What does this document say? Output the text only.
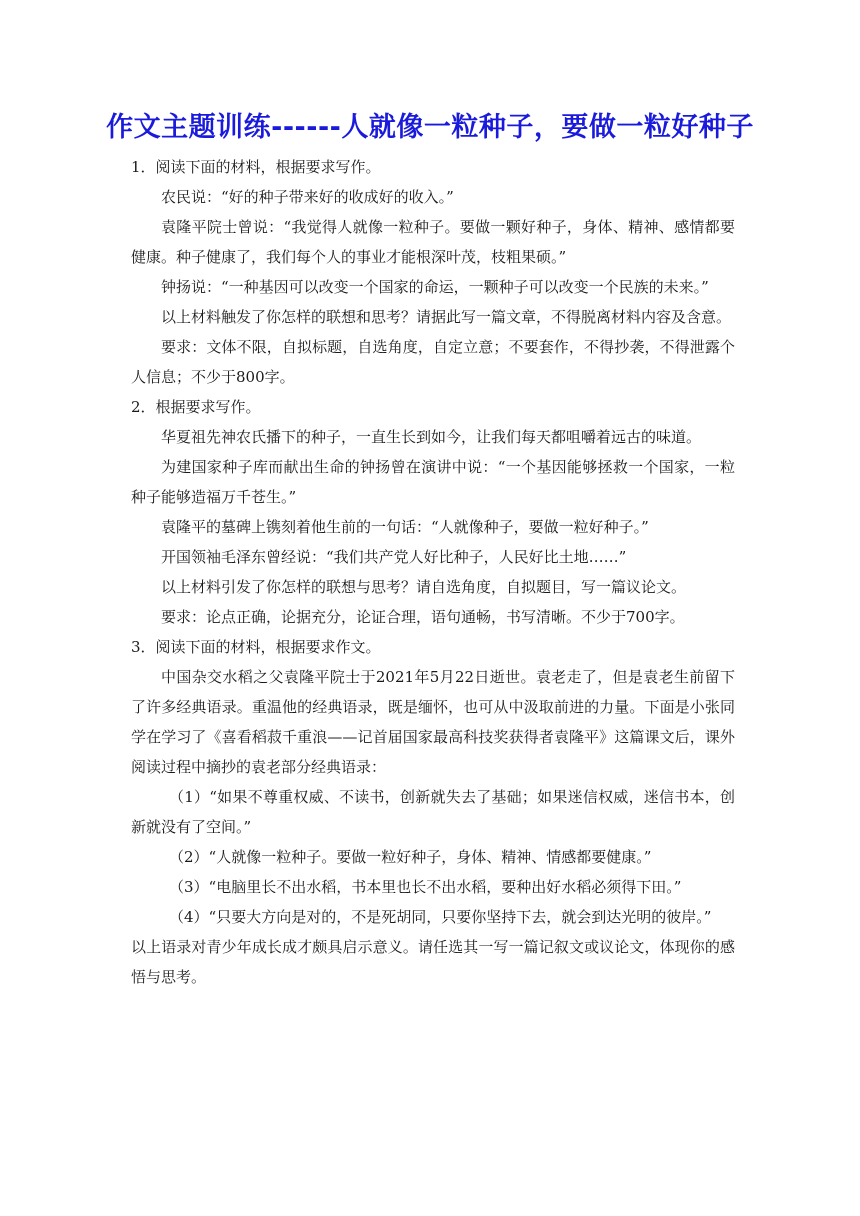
作文主题训练------人就像一粒种子，要做一粒好种子

1．阅读下面的材料，根据要求写作。

农民说：“好的种子带来好的收成好的收入。”

袁隆平院士曾说：“我觉得人就像一粒种子。要做一颗好种子，身体、精神、感情都要健康。种子健康了，我们每个人的事业才能根深叶茂，枝粗果硕。”

钟扬说：“一种基因可以改变一个国家的命运，一颗种子可以改变一个民族的未来。”

以上材料触发了你怎样的联想和思考？请据此写一篇文章，不得脱离材料内容及含意。

要求：文体不限，自拟标题，自选角度，自定立意；不要套作，不得抄袭，不得泄露个人信息；不少于800字。

2．根据要求写作。

华夏祖先神农氏播下的种子，一直生长到如今，让我们每天都咀嚼着远古的味道。

为建国家种子库而献出生命的钟扬曾在演讲中说：“一个基因能够拯救一个国家，一粒种子能够造福万千苍生。”

袁隆平的墓碑上镌刻着他生前的一句话：“人就像种子，要做一粒好种子。”

开国领袖毛泽东曾经说：“我们共产党人好比种子，人民好比土地……”

以上材料引发了你怎样的联想与思考？请自选角度，自拟题目，写一篇议论文。

要求：论点正确，论据充分，论证合理，语句通畅，书写清晰。不少于700字。

3．阅读下面的材料，根据要求作文。

中国杂交水稻之父袁隆平院士于2021年5月22日逝世。袁老走了，但是袁老生前留下了许多经典语录。重温他的经典语录，既是缅怀，也可从中汲取前进的力量。下面是小张同学在学习了《喜看稻菽千重浪——记首届国家最高科技奖获得者袁隆平》这篇课文后，课外阅读过程中摘抄的袁老部分经典语录：

（1）“如果不尊重权威、不读书，创新就失去了基础；如果迷信权威，迷信书本，创新就没有了空间。”

（2）“人就像一粒种子。要做一粒好种子，身体、精神、情感都要健康。”

（3）“电脑里长不出水稻，书本里也长不出水稻，要种出好水稻必须得下田。”

（4）“只要大方向是对的，不是死胡同，只要你坚持下去，就会到达光明的彼岸。”

以上语录对青少年成长成才颇具启示意义。请任选其一写一篇记叙文或议论文，体现你的感悟与思考。
